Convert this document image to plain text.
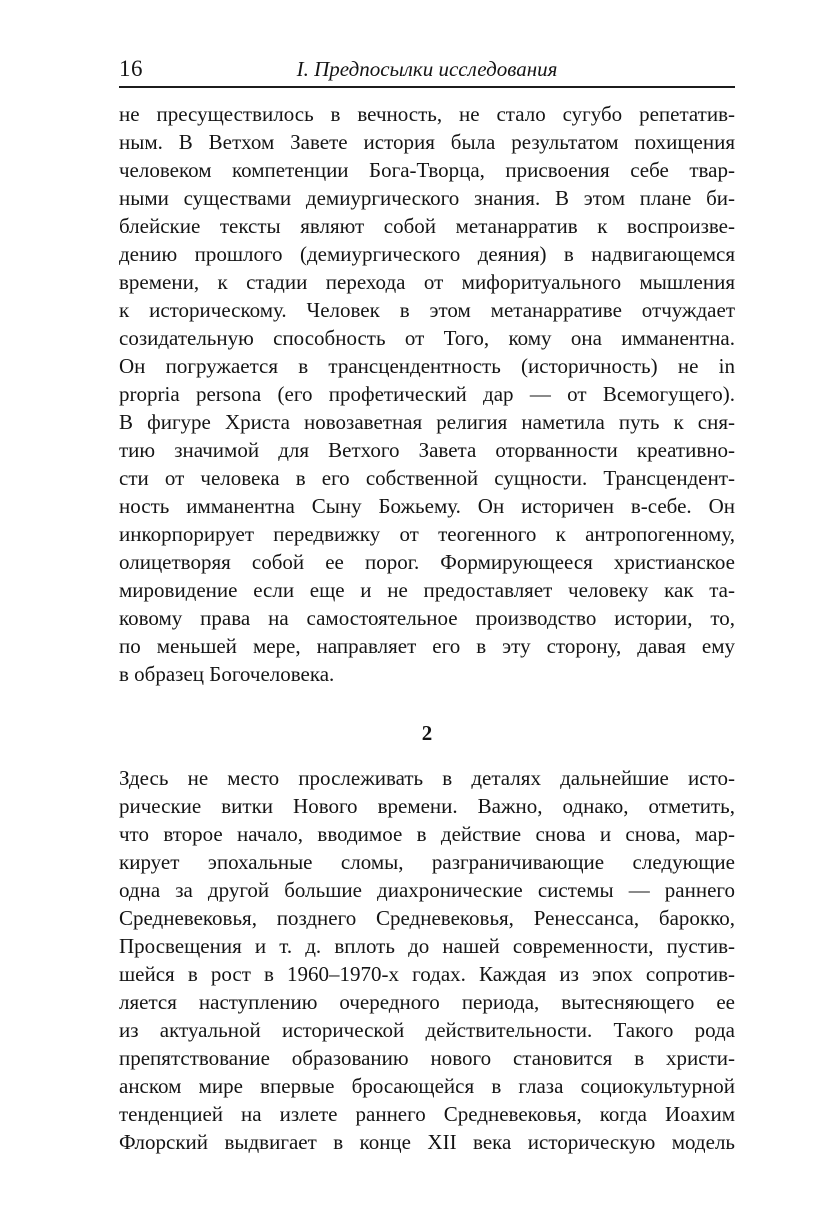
16	I. Предпосылки исследования
не пресуществилось в вечность, не стало сугубо репетатив-
ным. В Ветхом Завете история была результатом похищения
человеком компетенции Бога-Творца, присвоения себе твар-
ными существами демиургического знания. В этом плане би-
блейские тексты являют собой метанарратив к воспроизве-
дению прошлого (демиургического деяния) в надвигающемся
времени, к стадии перехода от мифоритуального мышления
к историческому. Человек в этом метанарративе отчуждает
созидательную способность от Того, кому она имманентна.
Он погружается в трансцендентность (историчность) не in
propria persona (его профетический дар — от Всемогущего).
В фигуре Христа новозаветная религия наметила путь к сня-
тию значимой для Ветхого Завета оторванности креативно-
сти от человека в его собственной сущности. Трансцендент-
ность имманентна Сыну Божьему. Он историчен в-себе. Он
инкорпорирует передвижку от теогенного к антропогенному,
олицетворяя собой ее порог. Формирующееся христианское
мировидение если еще и не предоставляет человеку как та-
ковому права на самостоятельное производство истории, то,
по меньшей мере, направляет его в эту сторону, давая ему
в образец Богочеловека.
2
Здесь не место прослеживать в деталях дальнейшие исто-
рические витки Нового времени. Важно, однако, отметить,
что второе начало, вводимое в действие снова и снова, мар-
кирует эпохальные сломы, разграничивающие следующие
одна за другой большие диахронические системы — раннего
Средневековья, позднего Средневековья, Ренессанса, барокко,
Просвещения и т. д. вплоть до нашей современности, пустив-
шейся в рост в 1960–1970-х годах. Каждая из эпох сопротив-
ляется наступлению очередного периода, вытесняющего ее
из актуальной исторической действительности. Такого рода
препятствование образованию нового становится в христи-
анском мире впервые бросающейся в глаза социокультурной
тенденцией на излете раннего Средневековья, когда Иоахим
Флорский выдвигает в конце XII века историческую модель
